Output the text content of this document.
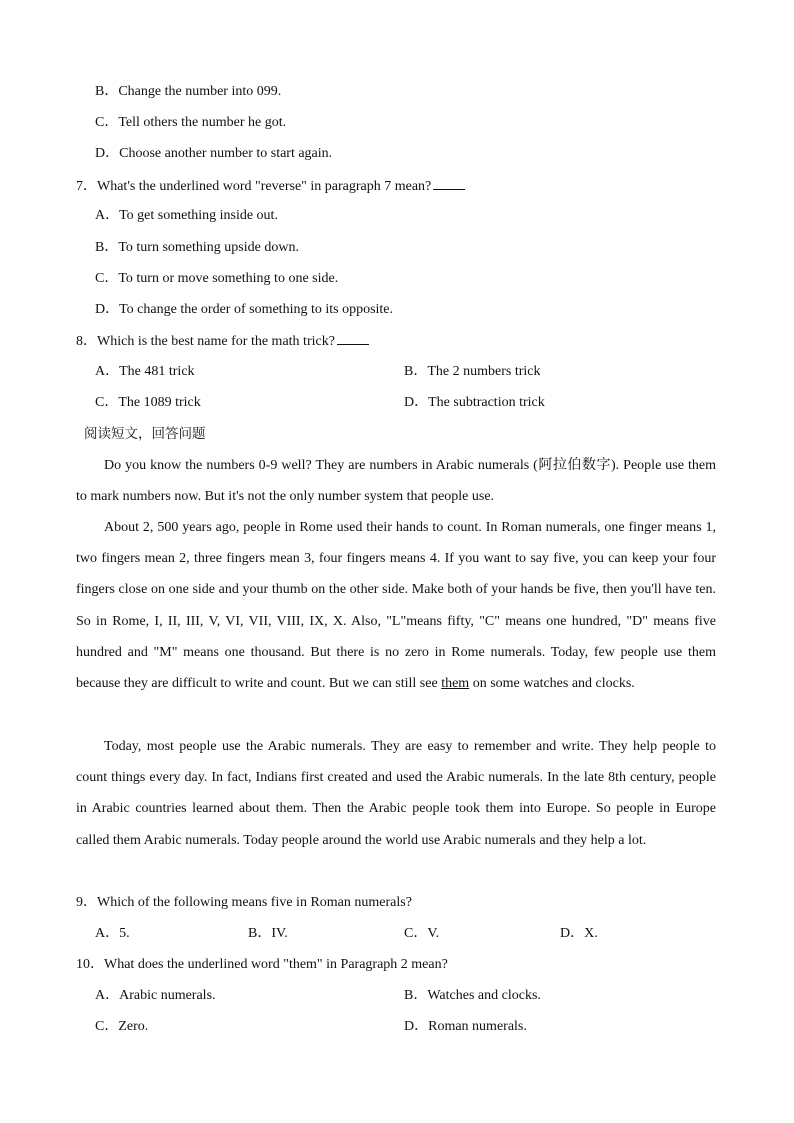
B．Change the number into 099.
C．Tell others the number he got.
D．Choose another number to start again.
7．What's the underlined word "reverse" in paragraph 7 mean?
A．To get something inside out.
B．To turn something upside down.
C．To turn or move something to one side.
D．To change the order of something to its opposite.
8．Which is the best name for the math trick?
A．The 481 trick	B．The 2 numbers trick
C．The 1089 trick	D．The subtraction trick
阅读短文，回答问题
Do you know the numbers 0-9 well? They are numbers in Arabic numerals (阿拉伯数字). People use them to mark numbers now. But it's not the only number system that people use.
About 2, 500 years ago, people in Rome used their hands to count. In Roman numerals, one finger means 1, two fingers mean 2, three fingers mean 3, four fingers means 4. If you want to say five, you can keep your four fingers close on one side and your thumb on the other side. Make both of your hands be five, then you'll have ten. So in Rome, I, II, III, V, VI, VII, VIII, IX, X. Also, "L"means fifty, "C" means one hundred, "D" means five hundred and "M" means one thousand. But there is no zero in Rome numerals. Today, few people use them because they are difficult to write and count. But we can still see them on some watches and clocks.
Today, most people use the Arabic numerals. They are easy to remember and write. They help people to count things every day. In fact, Indians first created and used the Arabic numerals. In the late 8th century, people in Arabic countries learned about them. Then the Arabic people took them into Europe. So people in Europe called them Arabic numerals. Today people around the world use Arabic numerals and they help a lot.
9．Which of the following means five in Roman numerals?
A．5.	B．IV.	C．V.	D．X.
10．What does the underlined word "them" in Paragraph 2 mean?
A．Arabic numerals.	B．Watches and clocks.
C．Zero.	D．Roman numerals.
